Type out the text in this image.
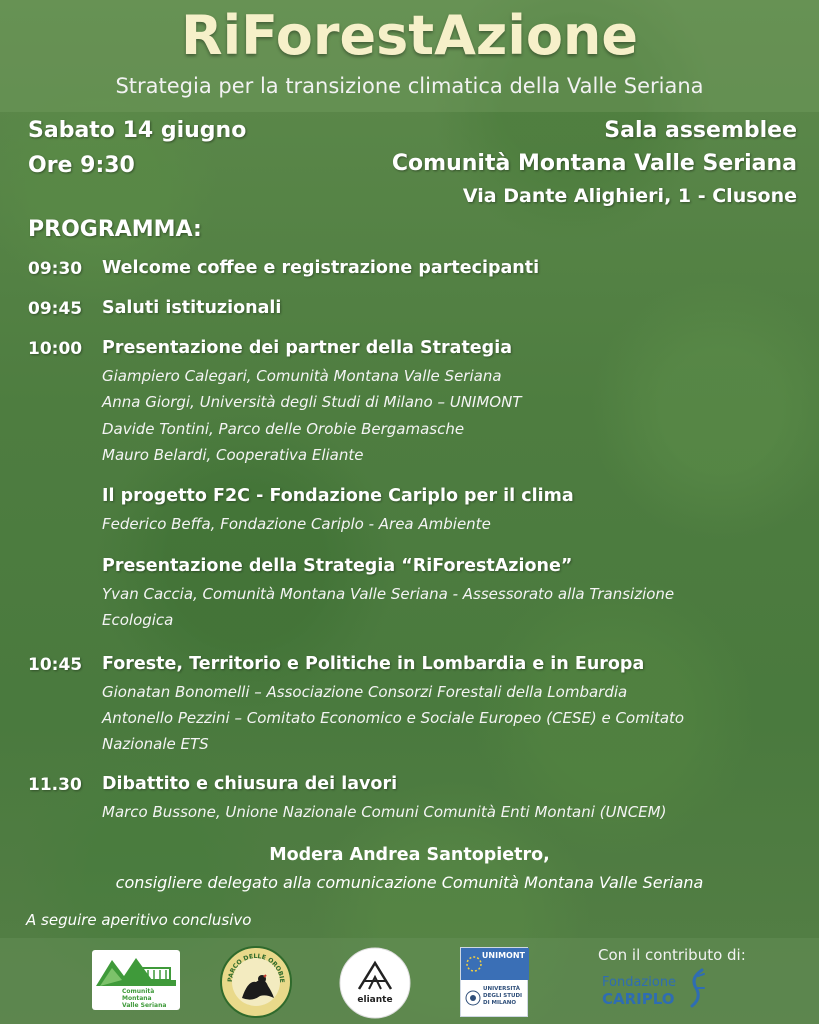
RiForestAzione
Strategia per la transizione climatica della Valle Seriana
Sabato 14 giugno
Ore 9:30
Sala assemblee
Comunità Montana Valle Seriana
Via Dante Alighieri, 1 - Clusone
PROGRAMMA:
09:30 Welcome coffee e registrazione partecipanti
09:45 Saluti istituzionali
10:00 Presentazione dei partner della Strategia
Giampiero Calegari, Comunità Montana Valle Seriana
Anna Giorgi, Università degli Studi di Milano – UNIMONT
Davide Tontini, Parco delle Orobie Bergamasche
Mauro Belardi, Cooperativa Eliante
Il progetto F2C - Fondazione Cariplo per il clima
Federico Beffa, Fondazione Cariplo - Area Ambiente
Presentazione della Strategia “RiForestAzione”
Yvan Caccia, Comunità Montana Valle Seriana - Assessorato alla Transizione
Ecologica
10:45 Foreste, Territorio e Politiche in Lombardia e in Europa
Gionatan Bonomelli – Associazione Consorzi Forestali della Lombardia
Antonello Pezzini – Comitato Economico e Sociale Europeo (CESE) e Comitato
Nazionale ETS
11.30 Dibattito e chiusura dei lavori
Marco Bussone, Unione Nazionale Comuni Comunità Enti Montani (UNCEM)
Modera Andrea Santopietro,
consigliere delegato alla comunicazione Comunità Montana Valle Seriana
A seguire aperitivo conclusivo
Comunità
Montana
Valle Seriana
PARCO DELLE OROBIE
eliante
UNIMONT
UNIVERSITÀ
DEGLI STUDI
DI MILANO
Con il contributo di:
Fondazione
CARIPLO
